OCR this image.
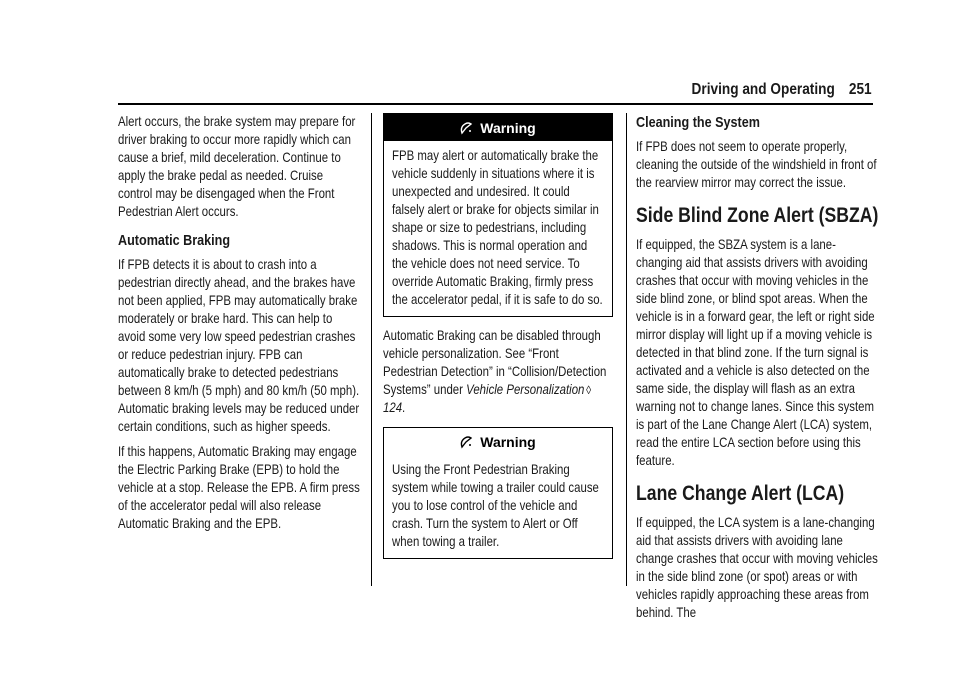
Driving and Operating 251

Alert occurs, the brake system may prepare for driver braking to occur more rapidly which can cause a brief, mild deceleration. Continue to apply the brake pedal as needed. Cruise control may be disengaged when the Front Pedestrian Alert occurs.

Automatic Braking

If FPB detects it is about to crash into a pedestrian directly ahead, and the brakes have not been applied, FPB may automatically brake moderately or brake hard. This can help to avoid some very low speed pedestrian crashes or reduce pedestrian injury. FPB can automatically brake to detected pedestrians between 8 km/h (5 mph) and 80 km/h (50 mph). Automatic braking levels may be reduced under certain conditions, such as higher speeds.

If this happens, Automatic Braking may engage the Electric Parking Brake (EPB) to hold the vehicle at a stop. Release the EPB. A firm press of the accelerator pedal will also release Automatic Braking and the EPB.

Warning

FPB may alert or automatically brake the vehicle suddenly in situations where it is unexpected and undesired. It could falsely alert or brake for objects similar in shape or size to pedestrians, including shadows. This is normal operation and the vehicle does not need service. To override Automatic Braking, firmly press the accelerator pedal, if it is safe to do so.

Automatic Braking can be disabled through vehicle personalization. See “Front Pedestrian Detection” in “Collision/Detection Systems” under Vehicle Personalization ◊124.

Warning

Using the Front Pedestrian Braking system while towing a trailer could cause you to lose control of the vehicle and crash. Turn the system to Alert or Off when towing a trailer.

Cleaning the System

If FPB does not seem to operate properly, cleaning the outside of the windshield in front of the rearview mirror may correct the issue.

Side Blind Zone Alert (SBZA)

If equipped, the SBZA system is a lane-changing aid that assists drivers with avoiding crashes that occur with moving vehicles in the side blind zone, or blind spot areas. When the vehicle is in a forward gear, the left or right side mirror display will light up if a moving vehicle is detected in that blind zone. If the turn signal is activated and a vehicle is also detected on the same side, the display will flash as an extra warning not to change lanes. Since this system is part of the Lane Change Alert (LCA) system, read the entire LCA section before using this feature.

Lane Change Alert (LCA)

If equipped, the LCA system is a lane-changing aid that assists drivers with avoiding lane change crashes that occur with moving vehicles in the side blind zone (or spot) areas or with vehicles rapidly approaching these areas from behind. The
